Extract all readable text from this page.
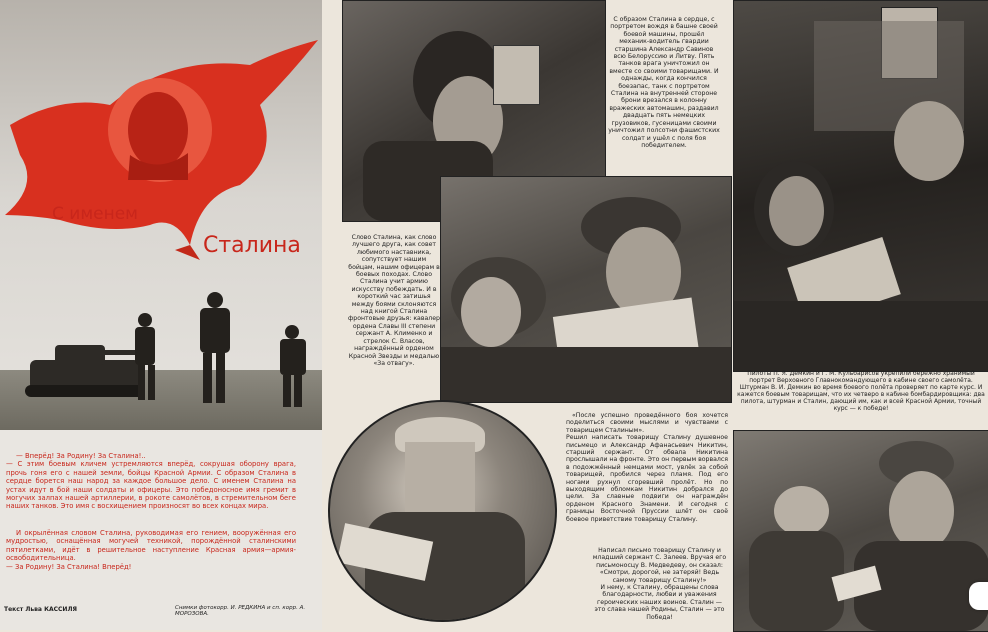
С именем
Сталина
— Вперёд! За Родину! За Сталина!..
— С этим боевым кличем устремляются вперёд, сокрушая оборону врага, прочь гоня его с нашей земли, бойцы Красной Армии. С образом Сталина в сердце борется наш народ за каждое большое дело. С именем Сталина на устах идут в бой наши солдаты и офицеры. Это победоносное имя гремит в могучих залпах нашей артиллерии, в рокоте самолётов, в стремительном беге наших танков. Это имя с восхищением произносят во всех концах мира.
И окрылённая словом Сталина, руководимая его гением, вооружённая его мудростью, оснащённая могучей техникой, порождённой сталинскими пятилетками, идёт в решительное наступление Красная армия—армия-освободительница.
— За Родину! За Сталина! Вперёд!
Текст Льва КАССИЛЯ	Снимки фотокорр. И. РЕДКИНА и сп. корр. А. МОРОЗОВА.
С образом Сталина в сердце, с портретом вождя в башне своей боевой машины, прошёл механик-водитель гвардии старшина Александр Савинов всю Белоруссию и Литву. Пять танков врага уничтожил он вместе со своими товарищами. И однажды, когда кончился боезапас, танк с портретом Сталина на внутренней стороне брони врезался в колонну вражеских автомашин, раздавил двадцать пять немецких грузовиков, гусеницами своими уничтожил полсотни фашистских солдат и ушёл с поля боя победителем.
Слово Сталина, как слово лучшего друга, как совет любимого наставника, сопутствует нашим бойцам, нашим офицерам в боевых походах. Слово Сталина учит армию искусству побеждать. И в короткий час затишья между боями склоняются над книгой Сталина фронтовые друзья: кавалер ордена Славы III степени сержант А. Клименко и стрелок С. Власов, награждённый орденом Красной Звезды и медалью «За отвагу».
«После успешно проведённого боя хочется поделиться своими мыслями и чувствами с товарищем Сталиным».
Решил написать товарищу Сталину душевное письмецо и Александр Афанасьевич Никитин, старший сержант. От обвала Никитина прослышали на фронте. Это он первым ворвался в подожжённый немцами мост, увлёк за собой товарищей, пробился через пламя. Под его ногами рухнул сгоревший пролёт. Но по выходящим обломкам Никитин добрался до цели. За славные подвиги он награждён орденом Красного Знамени. И сегодня с границы Восточной Пруссии шлёт он своё боевое приветствие товарищу Сталину.
Написал письмо товарищу Сталину и младший сержант С. Залеев. Вручая его письмоносцу В. Медведеву, он сказал: «Смотри, дорогой, не затеряй! Ведь самому товарищу Сталину!»
И нему, к Сталину, обращены слова благодарности, любви и уважения героических наших воинов. Сталин — это слава нашей Родины, Сталин — это Победа!
Пилоты П. Я. Демкин и Г. М. Кульбарисов укрепили бережно хранимый портрет Верховного Главнокомандующего в кабине своего самолёта. Штурман В. И. Демкин во время боевого полёта проверяет по карте курс. И кажется боевым товарищам, что их четверо в кабине бомбардировщика: два пилота, штурман и Сталин, дающий им, как и всей Красной Армии, точный курс — к победе!
